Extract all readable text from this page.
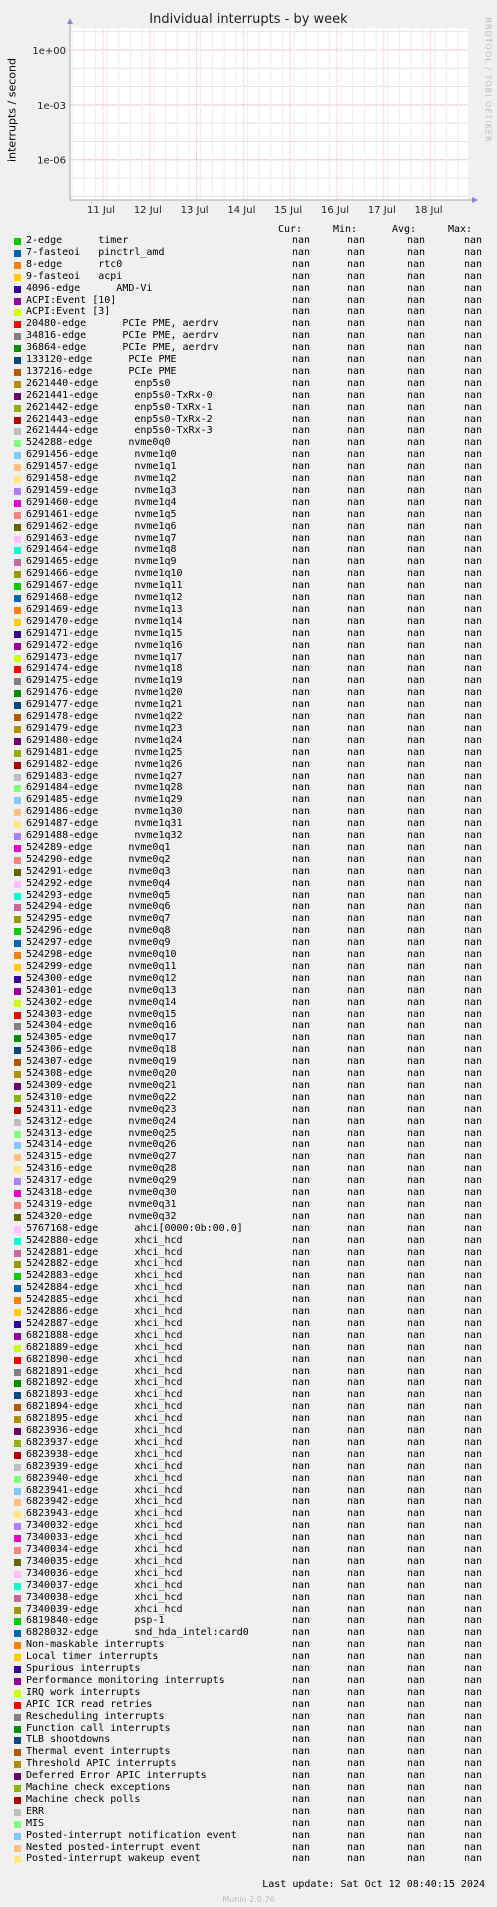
Individual interrupts - by week
interrupts / second	RRDTOOL / TOBI OETIKER
1e+00
1e-03
1e-06
11 Jul 12 Jul 13 Jul 14 Jul 15 Jul 16 Jul 17 Jul 18 Jul
Cur:	Min:	Avg:	Max:
2-edge      timer	nan	nan	nan	nan
7-fasteoi   pinctrl_amd	nan	nan	nan	nan
8-edge      rtc0	nan	nan	nan	nan
9-fasteoi   acpi	nan	nan	nan	nan
4096-edge      AMD-Vi	nan	nan	nan	nan
ACPI:Event [10]	nan	nan	nan	nan
ACPI:Event [3]	nan	nan	nan	nan
20480-edge      PCIe PME, aerdrv	nan	nan	nan	nan
34816-edge      PCIe PME, aerdrv	nan	nan	nan	nan
36864-edge      PCIe PME, aerdrv	nan	nan	nan	nan
133120-edge      PCIe PME	nan	nan	nan	nan
137216-edge      PCIe PME	nan	nan	nan	nan
2621440-edge      enp5s0	nan	nan	nan	nan
2621441-edge      enp5s0-TxRx-0	nan	nan	nan	nan
2621442-edge      enp5s0-TxRx-1	nan	nan	nan	nan
2621443-edge      enp5s0-TxRx-2	nan	nan	nan	nan
2621444-edge      enp5s0-TxRx-3	nan	nan	nan	nan
524288-edge      nvme0q0	nan	nan	nan	nan
6291456-edge      nvme1q0	nan	nan	nan	nan
6291457-edge      nvme1q1	nan	nan	nan	nan
6291458-edge      nvme1q2	nan	nan	nan	nan
6291459-edge      nvme1q3	nan	nan	nan	nan
6291460-edge      nvme1q4	nan	nan	nan	nan
6291461-edge      nvme1q5	nan	nan	nan	nan
6291462-edge      nvme1q6	nan	nan	nan	nan
6291463-edge      nvme1q7	nan	nan	nan	nan
6291464-edge      nvme1q8	nan	nan	nan	nan
6291465-edge      nvme1q9	nan	nan	nan	nan
6291466-edge      nvme1q10	nan	nan	nan	nan
6291467-edge      nvme1q11	nan	nan	nan	nan
6291468-edge      nvme1q12	nan	nan	nan	nan
6291469-edge      nvme1q13	nan	nan	nan	nan
6291470-edge      nvme1q14	nan	nan	nan	nan
6291471-edge      nvme1q15	nan	nan	nan	nan
6291472-edge      nvme1q16	nan	nan	nan	nan
6291473-edge      nvme1q17	nan	nan	nan	nan
6291474-edge      nvme1q18	nan	nan	nan	nan
6291475-edge      nvme1q19	nan	nan	nan	nan
6291476-edge      nvme1q20	nan	nan	nan	nan
6291477-edge      nvme1q21	nan	nan	nan	nan
6291478-edge      nvme1q22	nan	nan	nan	nan
6291479-edge      nvme1q23	nan	nan	nan	nan
6291480-edge      nvme1q24	nan	nan	nan	nan
6291481-edge      nvme1q25	nan	nan	nan	nan
6291482-edge      nvme1q26	nan	nan	nan	nan
6291483-edge      nvme1q27	nan	nan	nan	nan
6291484-edge      nvme1q28	nan	nan	nan	nan
6291485-edge      nvme1q29	nan	nan	nan	nan
6291486-edge      nvme1q30	nan	nan	nan	nan
6291487-edge      nvme1q31	nan	nan	nan	nan
6291488-edge      nvme1q32	nan	nan	nan	nan
524289-edge      nvme0q1	nan	nan	nan	nan
524290-edge      nvme0q2	nan	nan	nan	nan
524291-edge      nvme0q3	nan	nan	nan	nan
524292-edge      nvme0q4	nan	nan	nan	nan
524293-edge      nvme0q5	nan	nan	nan	nan
524294-edge      nvme0q6	nan	nan	nan	nan
524295-edge      nvme0q7	nan	nan	nan	nan
524296-edge      nvme0q8	nan	nan	nan	nan
524297-edge      nvme0q9	nan	nan	nan	nan
524298-edge      nvme0q10	nan	nan	nan	nan
524299-edge      nvme0q11	nan	nan	nan	nan
524300-edge      nvme0q12	nan	nan	nan	nan
524301-edge      nvme0q13	nan	nan	nan	nan
524302-edge      nvme0q14	nan	nan	nan	nan
524303-edge      nvme0q15	nan	nan	nan	nan
524304-edge      nvme0q16	nan	nan	nan	nan
524305-edge      nvme0q17	nan	nan	nan	nan
524306-edge      nvme0q18	nan	nan	nan	nan
524307-edge      nvme0q19	nan	nan	nan	nan
524308-edge      nvme0q20	nan	nan	nan	nan
524309-edge      nvme0q21	nan	nan	nan	nan
524310-edge      nvme0q22	nan	nan	nan	nan
524311-edge      nvme0q23	nan	nan	nan	nan
524312-edge      nvme0q24	nan	nan	nan	nan
524313-edge      nvme0q25	nan	nan	nan	nan
524314-edge      nvme0q26	nan	nan	nan	nan
524315-edge      nvme0q27	nan	nan	nan	nan
524316-edge      nvme0q28	nan	nan	nan	nan
524317-edge      nvme0q29	nan	nan	nan	nan
524318-edge      nvme0q30	nan	nan	nan	nan
524319-edge      nvme0q31	nan	nan	nan	nan
524320-edge      nvme0q32	nan	nan	nan	nan
5767168-edge      ahci[0000:0b:00.0]	nan	nan	nan	nan
5242880-edge      xhci_hcd	nan	nan	nan	nan
5242881-edge      xhci_hcd	nan	nan	nan	nan
5242882-edge      xhci_hcd	nan	nan	nan	nan
5242883-edge      xhci_hcd	nan	nan	nan	nan
5242884-edge      xhci_hcd	nan	nan	nan	nan
5242885-edge      xhci_hcd	nan	nan	nan	nan
5242886-edge      xhci_hcd	nan	nan	nan	nan
5242887-edge      xhci_hcd	nan	nan	nan	nan
6821888-edge      xhci_hcd	nan	nan	nan	nan
6821889-edge      xhci_hcd	nan	nan	nan	nan
6821890-edge      xhci_hcd	nan	nan	nan	nan
6821891-edge      xhci_hcd	nan	nan	nan	nan
6821892-edge      xhci_hcd	nan	nan	nan	nan
6821893-edge      xhci_hcd	nan	nan	nan	nan
6821894-edge      xhci_hcd	nan	nan	nan	nan
6821895-edge      xhci_hcd	nan	nan	nan	nan
6823936-edge      xhci_hcd	nan	nan	nan	nan
6823937-edge      xhci_hcd	nan	nan	nan	nan
6823938-edge      xhci_hcd	nan	nan	nan	nan
6823939-edge      xhci_hcd	nan	nan	nan	nan
6823940-edge      xhci_hcd	nan	nan	nan	nan
6823941-edge      xhci_hcd	nan	nan	nan	nan
6823942-edge      xhci_hcd	nan	nan	nan	nan
6823943-edge      xhci_hcd	nan	nan	nan	nan
7340032-edge      xhci_hcd	nan	nan	nan	nan
7340033-edge      xhci_hcd	nan	nan	nan	nan
7340034-edge      xhci_hcd	nan	nan	nan	nan
7340035-edge      xhci_hcd	nan	nan	nan	nan
7340036-edge      xhci_hcd	nan	nan	nan	nan
7340037-edge      xhci_hcd	nan	nan	nan	nan
7340038-edge      xhci_hcd	nan	nan	nan	nan
7340039-edge      xhci_hcd	nan	nan	nan	nan
6819840-edge      psp-1	nan	nan	nan	nan
6828032-edge      snd_hda_intel:card0	nan	nan	nan	nan
Non-maskable interrupts	nan	nan	nan	nan
Local timer interrupts	nan	nan	nan	nan
Spurious interrupts	nan	nan	nan	nan
Performance monitoring interrupts	nan	nan	nan	nan
IRQ work interrupts	nan	nan	nan	nan
APIC ICR read retries	nan	nan	nan	nan
Rescheduling interrupts	nan	nan	nan	nan
Function call interrupts	nan	nan	nan	nan
TLB shootdowns	nan	nan	nan	nan
Thermal event interrupts	nan	nan	nan	nan
Threshold APIC interrupts	nan	nan	nan	nan
Deferred Error APIC interrupts	nan	nan	nan	nan
Machine check exceptions	nan	nan	nan	nan
Machine check polls	nan	nan	nan	nan
ERR	nan	nan	nan	nan
MIS	nan	nan	nan	nan
Posted-interrupt notification event	nan	nan	nan	nan
Nested posted-interrupt event	nan	nan	nan	nan
Posted-interrupt wakeup event	nan	nan	nan	nan
Last update: Sat Oct 12 08:40:15 2024
Munin 2.0.76
